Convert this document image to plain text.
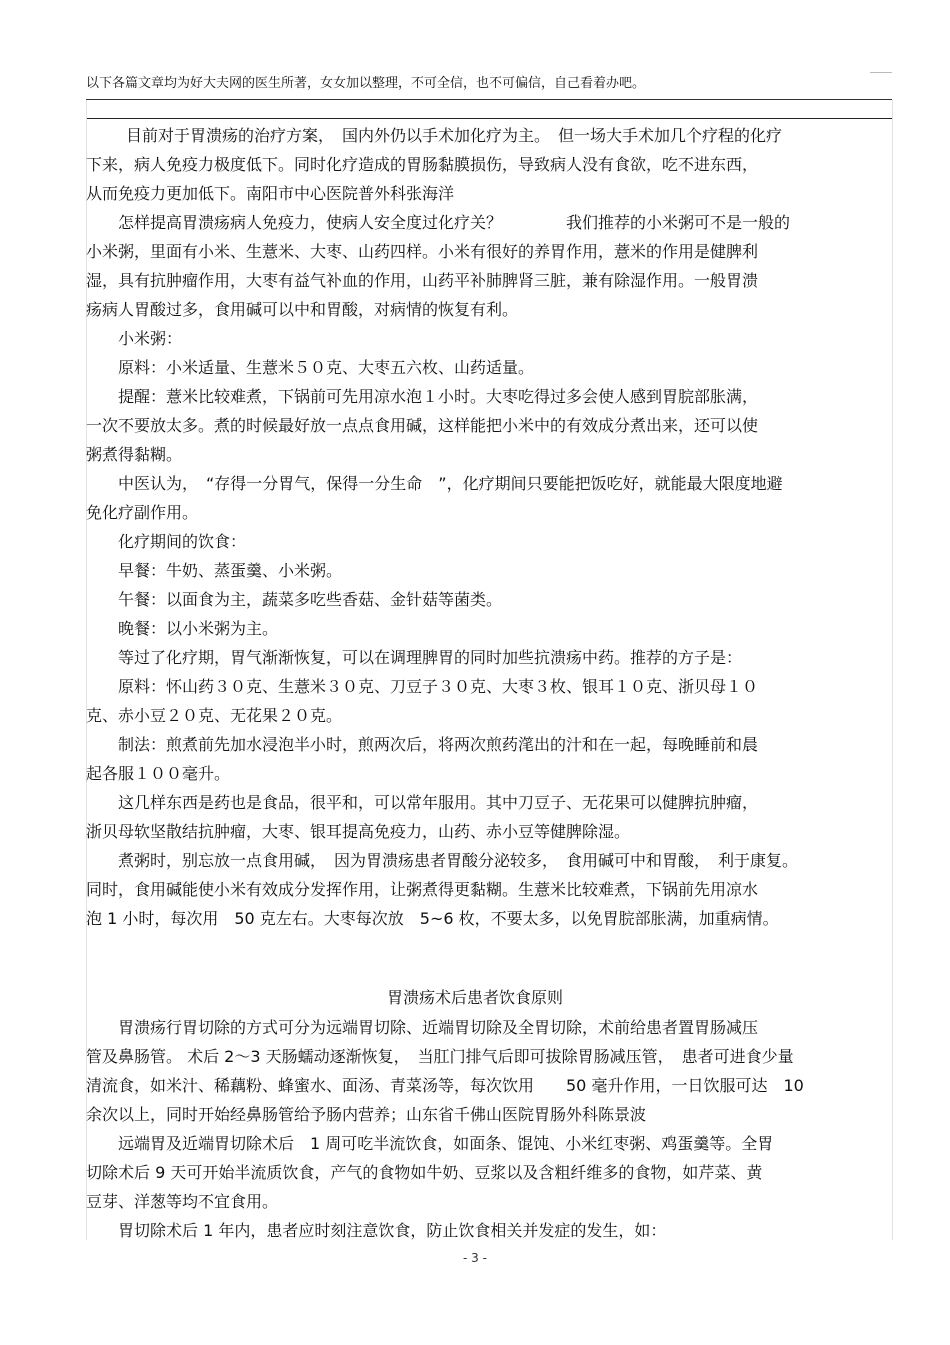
以下各篇文章均为好大夫网的医生所著，女女加以整理，不可全信，也不可偏信，自己看着办吧。
目前对于胃溃疡的治疗方案，　国内外仍以手术加化疗为主。　但一场大手术加几个疗程的化疗
下来，病人免疫力极度低下。同时化疗造成的胃肠黏膜损伤，导致病人没有食欲，吃不进东西，
从而免疫力更加低下。南阳市中心医院普外科张海洋
怎样提高胃溃疡病人免疫力，使病人安全度过化疗关？　　　　我们推荐的小米粥可不是一般的
小米粥，里面有小米、生薏米、大枣、山药四样。小米有很好的养胃作用，薏米的作用是健脾利
湿，具有抗肿瘤作用，大枣有益气补血的作用，山药平补肺脾肾三脏，兼有除湿作用。一般胃溃
疡病人胃酸过多，食用碱可以中和胃酸，对病情的恢复有利。
小米粥：
原料：小米适量、生薏米５０克、大枣五六枚、山药适量。
提醒：薏米比较难煮，下锅前可先用凉水泡１小时。大枣吃得过多会使人感到胃脘部胀满，
一次不要放太多。煮的时候最好放一点点食用碱，这样能把小米中的有效成分煮出来，还可以使
粥煮得黏糊。
中医认为，　“存得一分胃气，保得一分生命　”，化疗期间只要能把饭吃好，就能最大限度地避
免化疗副作用。
化疗期间的饮食：
早餐：牛奶、蒸蛋羹、小米粥。
午餐：以面食为主，蔬菜多吃些香菇、金针菇等菌类。
晚餐：以小米粥为主。
等过了化疗期，胃气渐渐恢复，可以在调理脾胃的同时加些抗溃疡中药。推荐的方子是：
原料：怀山药３０克、生薏米３０克、刀豆子３０克、大枣３枚、银耳１０克、浙贝母１０
克、赤小豆２０克、无花果２０克。
制法：煎煮前先加水浸泡半小时，煎两次后，将两次煎药滗出的汁和在一起，每晚睡前和晨
起各服１００毫升。
这几样东西是药也是食品，很平和，可以常年服用。其中刀豆子、无花果可以健脾抗肿瘤，
浙贝母软坚散结抗肿瘤，大枣、银耳提高免疫力，山药、赤小豆等健脾除湿。
煮粥时，别忘放一点食用碱，　因为胃溃疡患者胃酸分泌较多，　食用碱可中和胃酸，　利于康复。
同时，食用碱能使小米有效成分发挥作用，让粥煮得更黏糊。生薏米比较难煮，下锅前先用凉水
泡 1 小时，每次用　50 克左右。大枣每次放　5~6 枚，不要太多，以免胃脘部胀满，加重病情。
胃溃疡术后患者饮食原则
胃溃疡行胃切除的方式可分为远端胃切除、近端胃切除及全胃切除，术前给患者置胃肠减压
管及鼻肠管。 术后 2～3 天肠蠕动逐渐恢复，　当肛门排气后即可拔除胃肠减压管，　患者可进食少量
清流食，如米汁、稀藕粉、蜂蜜水、面汤、青菜汤等，每次饮用　　50 毫升作用，一日饮服可达　10
余次以上，同时开始经鼻肠管给予肠内营养；山东省千佛山医院胃肠外科陈景波
远端胃及近端胃切除术后　1 周可吃半流饮食，如面条、馄饨、小米红枣粥、鸡蛋羹等。全胃
切除术后 9 天可开始半流质饮食，产气的食物如牛奶、豆浆以及含粗纤维多的食物，如芹菜、黄
豆芽、洋葱等均不宜食用。
胃切除术后 1 年内，患者应时刻注意饮食，防止饮食相关并发症的发生，如：
- 3 -
